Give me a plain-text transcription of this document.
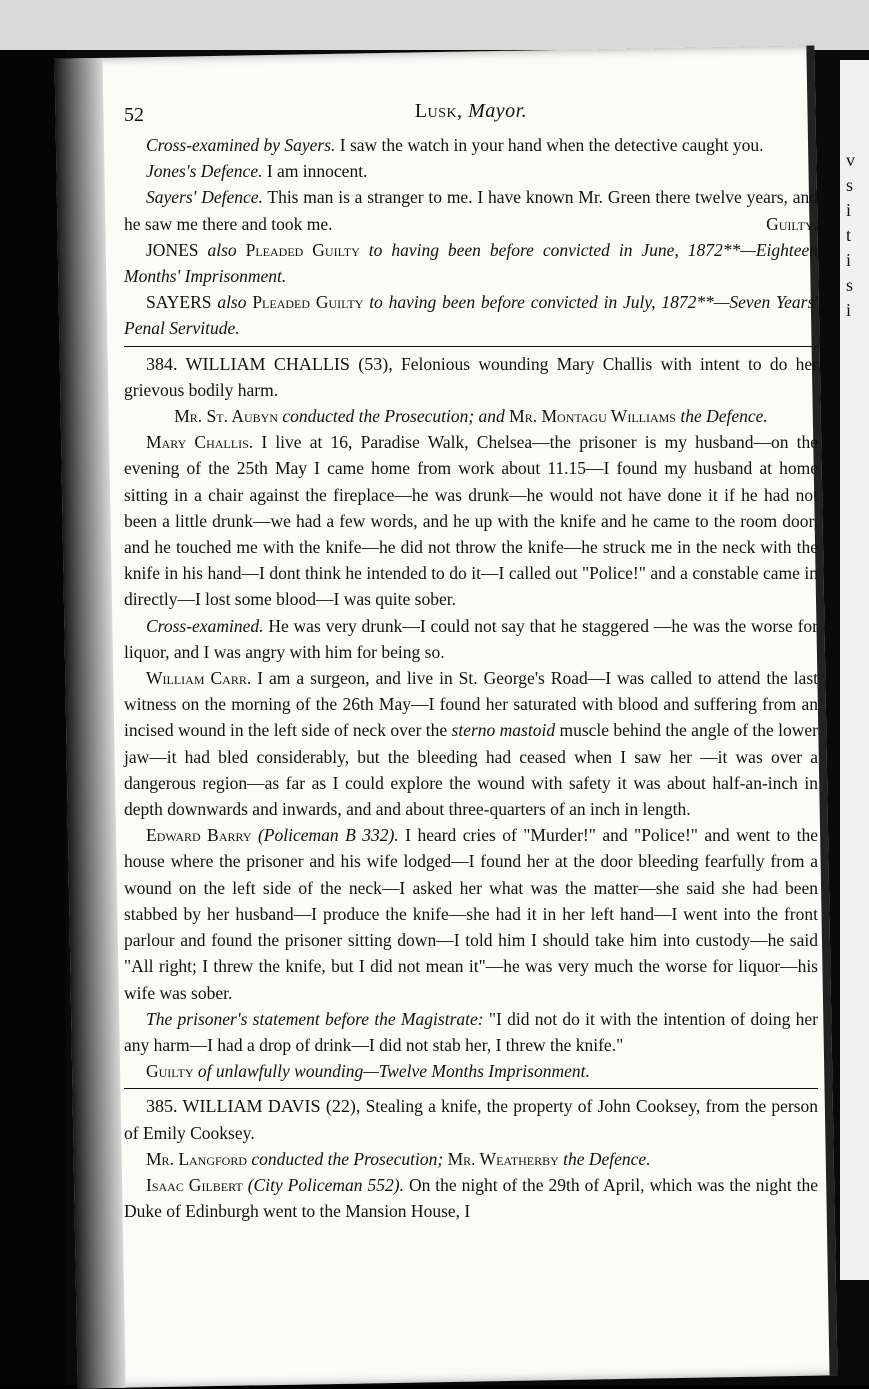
v
s
i
t
i
s
i
52	Lusk, Mayor.

Cross-examined by Sayers. I saw the watch in your hand when the detective caught you.

Jones's Defence. I am innocent.

Sayers' Defence. This man is a stranger to me. I have known Mr. Green there twelve years, and he saw me there and took me.	Guilty.

JONES also Pleaded Guilty to having been before convicted in June, 1872**—Eighteen Months' Imprisonment.

SAYERS also Pleaded Guilty to having been before convicted in July, 1872**—Seven Years' Penal Servitude.

384. WILLIAM CHALLIS (53), Felonious wounding Mary Challis with intent to do her grievous bodily harm.

Mr. St. Aubyn conducted the Prosecution; and Mr. Montagu Williams the Defence.

Mary Challis. I live at 16, Paradise Walk, Chelsea—the prisoner is my husband—on the evening of the 25th May I came home from work about 11.15—I found my husband at home sitting in a chair against the fireplace—he was drunk—he would not have done it if he had not been a little drunk—we had a few words, and he up with the knife and he came to the room door, and he touched me with the knife—he did not throw the knife—he struck me in the neck with the knife in his hand—I dont think he intended to do it—I called out "Police!" and a constable came in directly—I lost some blood—I was quite sober.

Cross-examined. He was very drunk—I could not say that he staggered —he was the worse for liquor, and I was angry with him for being so.

William Carr. I am a surgeon, and live in St. George's Road—I was called to attend the last witness on the morning of the 26th May—I found her saturated with blood and suffering from an incised wound in the left side of neck over the sterno mastoid muscle behind the angle of the lower jaw—it had bled considerably, but the bleeding had ceased when I saw her —it was over a dangerous region—as far as I could explore the wound with safety it was about half-an-inch in depth downwards and inwards, and and about three-quarters of an inch in length.

Edward Barry (Policeman B 332). I heard cries of "Murder!" and "Police!" and went to the house where the prisoner and his wife lodged—I found her at the door bleeding fearfully from a wound on the left side of the neck—I asked her what was the matter—she said she had been stabbed by her husband—I produce the knife—she had it in her left hand—I went into the front parlour and found the prisoner sitting down—I told him I should take him into custody—he said "All right; I threw the knife, but I did not mean it"—he was very much the worse for liquor—his wife was sober.

The prisoner's statement before the Magistrate: "I did not do it with the intention of doing her any harm—I had a drop of drink—I did not stab her, I threw the knife."

Guilty of unlawfully wounding—Twelve Months Imprisonment.

385. WILLIAM DAVIS (22), Stealing a knife, the property of John Cooksey, from the person of Emily Cooksey.

Mr. Langford conducted the Prosecution; Mr. Weatherby the Defence.

Isaac Gilbert (City Policeman 552). On the night of the 29th of April, which was the night the Duke of Edinburgh went to the Mansion House, I
